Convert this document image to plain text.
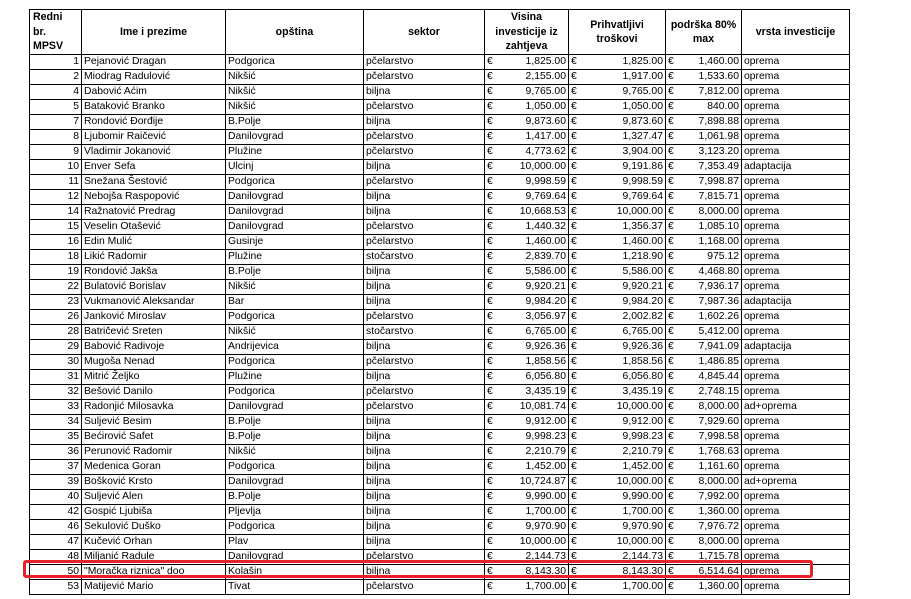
Redni br. MPSV	Ime i prezime	opština	sektor	Visina investicije iz zahtjeva	Prihvatljivi troškovi	podrška 80% max	vrsta investicije
1	Pejanović Dragan	Podgorica	pčelarstvo	€ 1,825.00	€ 1,825.00	€ 1,460.00	oprema
2	Miodrag Radulović	Nikšić	pčelarstvo	€ 2,155.00	€ 1,917.00	€ 1,533.60	oprema
4	Dabović Aćim	Nikšić	biljna	€ 9,765.00	€ 9,765.00	€ 7,812.00	oprema
5	Bataković Branko	Nikšić	pčelarstvo	€ 1,050.00	€ 1,050.00	€ 840.00	oprema
7	Rondović Đorđije	B.Polje	biljna	€ 9,873.60	€ 9,873.60	€ 7,898.88	oprema
8	Ljubomir Raičević	Danilovgrad	pčelarstvo	€ 1,417.00	€ 1,327.47	€ 1,061.98	oprema
9	Vladimir Jokanović	Plužine	pčelarstvo	€ 4,773.62	€ 3,904.00	€ 3,123.20	oprema
10	Enver Sefa	Ulcinj	biljna	€ 10,000.00	€ 9,191.86	€ 7,353.49	adaptacija
11	Snežana Šestović	Podgorica	pčelarstvo	€ 9,998.59	€ 9,998.59	€ 7,998.87	oprema
12	Nebojša Raspopović	Danilovgrad	biljna	€ 9,769.64	€ 9,769.64	€ 7,815.71	oprema
14	Ražnatović Predrag	Danilovgrad	biljna	€ 10,668.53	€ 10,000.00	€ 8,000.00	oprema
15	Veselin Otašević	Danilovgrad	pčelarstvo	€ 1,440.32	€ 1,356.37	€ 1,085.10	oprema
16	Edin Mulić	Gusinje	pčelarstvo	€ 1,460.00	€ 1,460.00	€ 1,168.00	oprema
18	Likić Radomir	Plužine	stočarstvo	€ 2,839.70	€ 1,218.90	€ 975.12	oprema
19	Rondović Jakša	B.Polje	biljna	€ 5,586.00	€ 5,586.00	€ 4,468.80	oprema
22	Bulatović Borislav	Nikšić	biljna	€ 9,920.21	€ 9,920.21	€ 7,936.17	oprema
23	Vukmanović Aleksandar	Bar	biljna	€ 9,984.20	€ 9,984.20	€ 7,987.36	adaptacija
26	Janković Miroslav	Podgorica	pčelarstvo	€ 3,056.97	€ 2,002.82	€ 1,602.26	oprema
28	Batričević Sreten	Nikšić	stočarstvo	€ 6,765.00	€ 6,765.00	€ 5,412.00	oprema
29	Babović Radivoje	Andrijevica	biljna	€ 9,926.36	€ 9,926.36	€ 7,941.09	adaptacija
30	Mugoša Nenad	Podgorica	pčelarstvo	€ 1,858.56	€ 1,858.56	€ 1,486.85	oprema
31	Mitrić Željko	Plužine	biljna	€ 6,056.80	€ 6,056.80	€ 4,845.44	oprema
32	Bešović Danilo	Podgorica	pčelarstvo	€ 3,435.19	€ 3,435.19	€ 2,748.15	oprema
33	Radonjić Milosavka	Danilovgrad	pčelarstvo	€ 10,081.74	€ 10,000.00	€ 8,000.00	ad+oprema
34	Suljević Besim	B.Polje	biljna	€ 9,912.00	€ 9,912.00	€ 7,929.60	oprema
35	Bećirović Safet	B.Polje	biljna	€ 9,998.23	€ 9,998.23	€ 7,998.58	oprema
36	Perunović Radomir	Nikšić	biljna	€ 2,210.79	€ 2,210.79	€ 1,768.63	oprema
37	Medenica Goran	Podgorica	biljna	€ 1,452.00	€ 1,452.00	€ 1,161.60	oprema
39	Bošković Krsto	Danilovgrad	biljna	€ 10,724.87	€ 10,000.00	€ 8,000.00	ad+oprema
40	Suljević Alen	B.Polje	biljna	€ 9,990.00	€ 9,990.00	€ 7,992.00	oprema
42	Gospić Ljubiša	Pljevlja	biljna	€ 1,700.00	€ 1,700.00	€ 1,360.00	oprema
46	Sekulović Duško	Podgorica	biljna	€ 9,970.90	€ 9,970.90	€ 7,976.72	oprema
47	Kučević Orhan	Plav	biljna	€ 10,000.00	€ 10,000.00	€ 8,000.00	oprema
48	Miljanić Radule	Danilovgrad	pčelarstvo	€ 2,144.73	€ 2,144.73	€ 1,715.78	oprema
50	"Moračka riznica" doo	Kolašin	biljna	€ 8,143.30	€ 8,143.30	€ 6,514.64	oprema
53	Matijević Mario	Tivat	pčelarstvo	€ 1,700.00	€ 1,700.00	€ 1,360.00	oprema
